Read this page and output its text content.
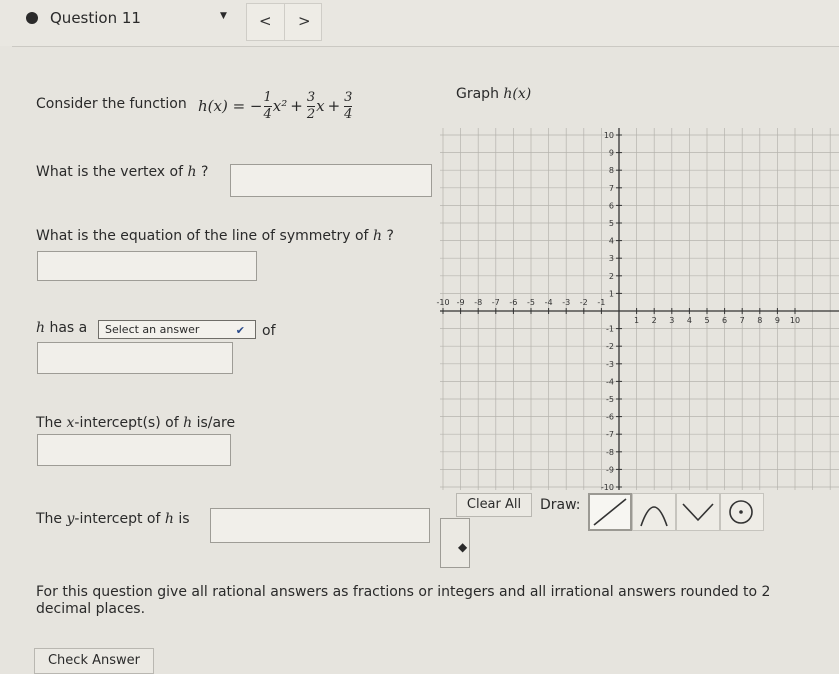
Question 11	▼ < >
Consider the function h(x) = − $\frac{1}{4} x^2 + \frac{3}{2}$ $x + \frac{3}{4}$	Graph h(x)
What is the vertex of h ?
What is the equation of the line of symmetry of h ?
h has a	Select an answer	✔ of
The x-intercept(s) of h is/are
The y-intercept of h is
-10 -9 -8 -7 -6 -5 -4 -3 -2 -1
1 2 3 4 5 6 7 8 9 10
10
9
8
7
6
5
4
3
2
1
-1
-2
-3
-4
-5
-6
-7
-8
-9
-10
Clear All	Draw:
◆
For this question give all rational answers as fractions or integers and all irrational answers rounded to 2
decimal places.
Check Answer
